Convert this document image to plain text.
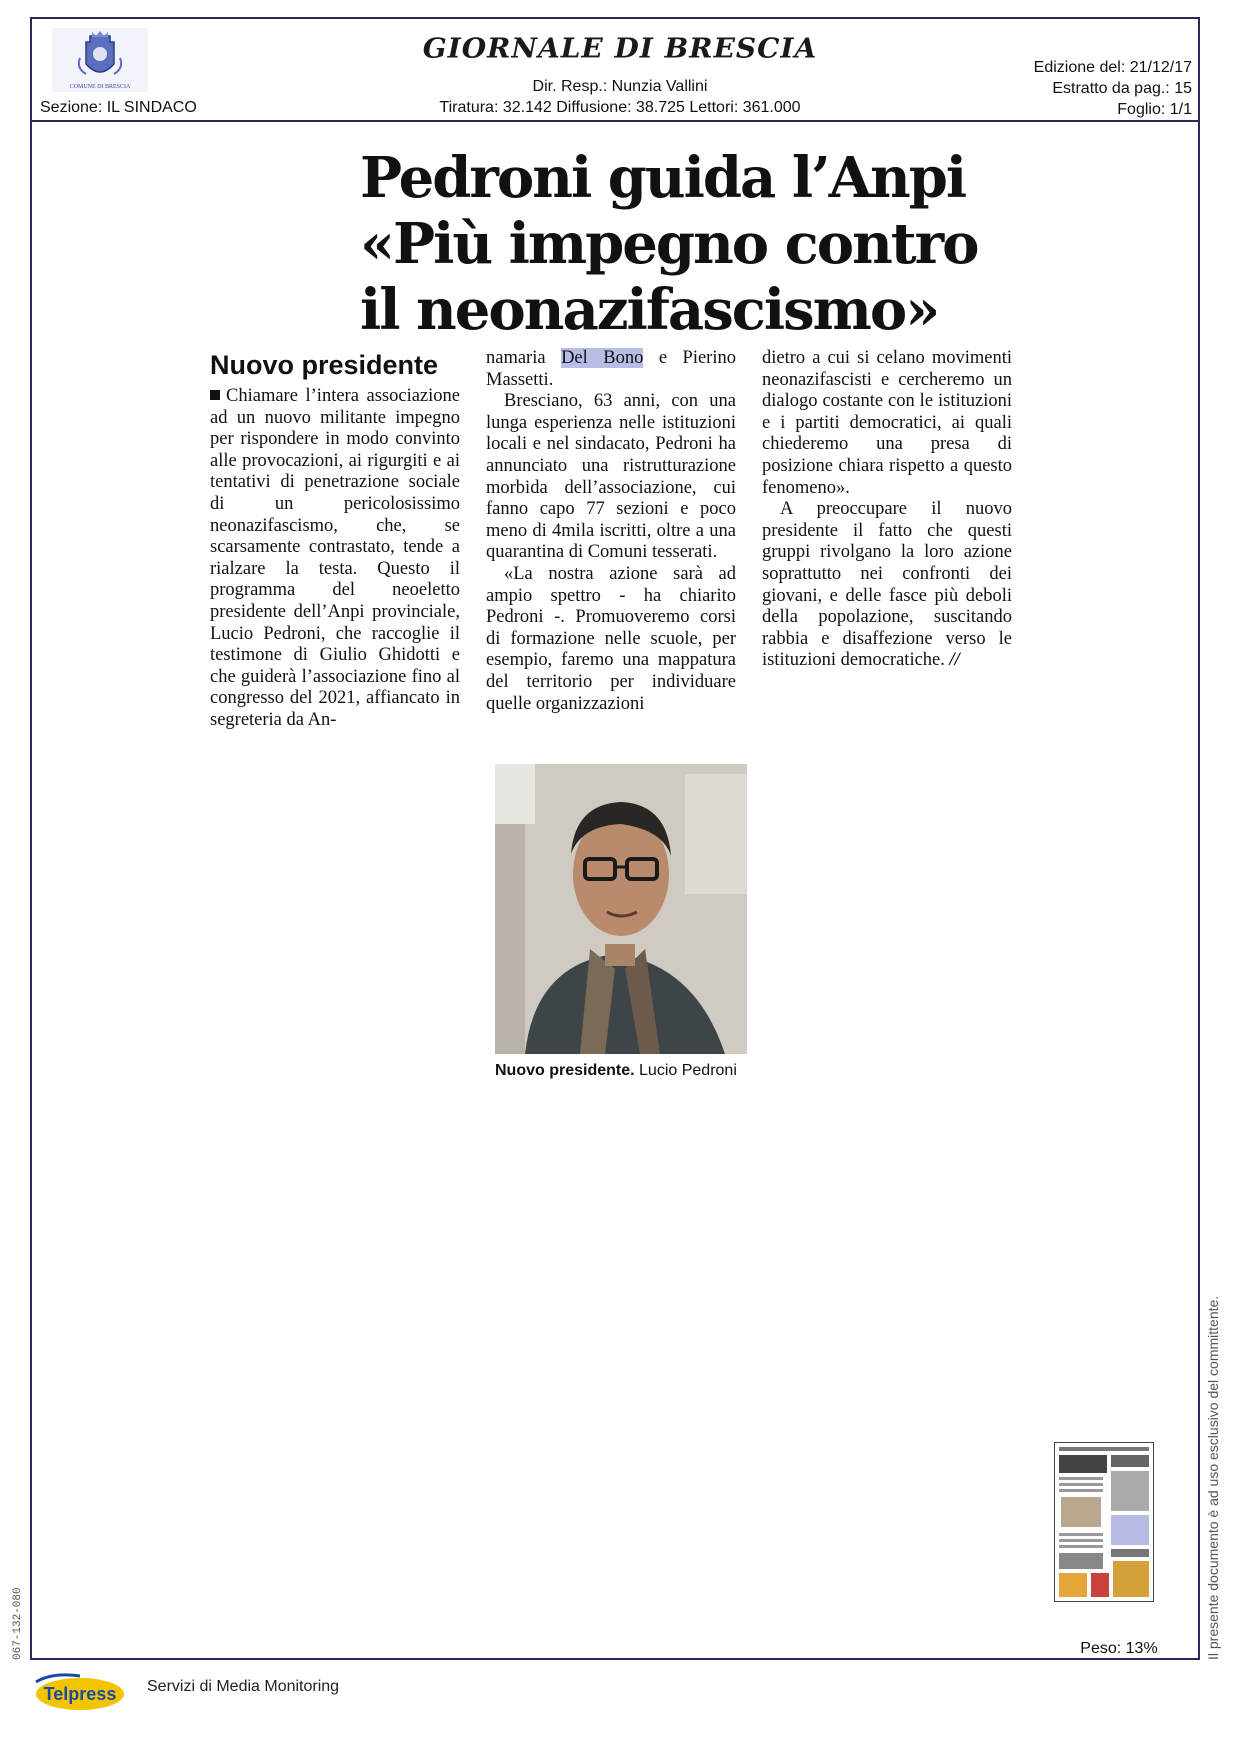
COMUNE DI BRESCIA
Sezione: IL SINDACO
GIORNALE DI BRESCIA
Dir. Resp.: Nunzia Vallini
Tiratura: 32.142 Diffusione: 38.725 Lettori: 361.000
Edizione del: 21/12/17
Estratto da pag.: 15
Foglio: 1/1
Pedroni guida l’Anpi
«Più impegno contro
il neonazifascismo»
Nuovo presidente

Chiamare l’intera associazione ad un nuovo militante impegno per rispondere in modo convinto alle provocazioni, ai rigurgiti e ai tentativi di penetrazione sociale di un pericolosissimo neonazifascismo, che, se scarsamente contrastato, tende a rialzare la testa. Questo il programma del neoeletto presidente dell’Anpi provinciale, Lucio Pedroni, che raccoglie il testimone di Giulio Ghidotti e che guiderà l’associazione fino al congresso del 2021, affiancato in segreteria da An-

namaria Del Bono e Pierino Massetti.

Bresciano, 63 anni, con una lunga esperienza nelle istituzioni locali e nel sindacato, Pedroni ha annunciato una ristrutturazione morbida dell’associazione, cui fanno capo 77 sezioni e poco meno di 4mila iscritti, oltre a una quarantina di Comuni tesserati.

«La nostra azione sarà ad ampio spettro - ha chiarito Pedroni -. Promuoveremo corsi di formazione nelle scuole, per esempio, faremo una mappatura del territorio per individuare quelle organizzazioni

dietro a cui si celano movimenti neonazifascisti e cercheremo un dialogo costante con le istituzioni e i partiti democratici, ai quali chiederemo una presa di posizione chiara rispetto a questo fenomeno».

A preoccupare il nuovo presidente il fatto che questi gruppi rivolgano la loro azione soprattutto nei confronti dei giovani, e delle fasce più deboli della popolazione, suscitando rabbia e disaffezione verso le istituzioni democratiche. //

Nuovo presidente. Lucio Pedroni
Peso: 13%	Il presente documento è ad uso esclusivo del committente.
067-132-080
Telpress Servizi di Media Monitoring
